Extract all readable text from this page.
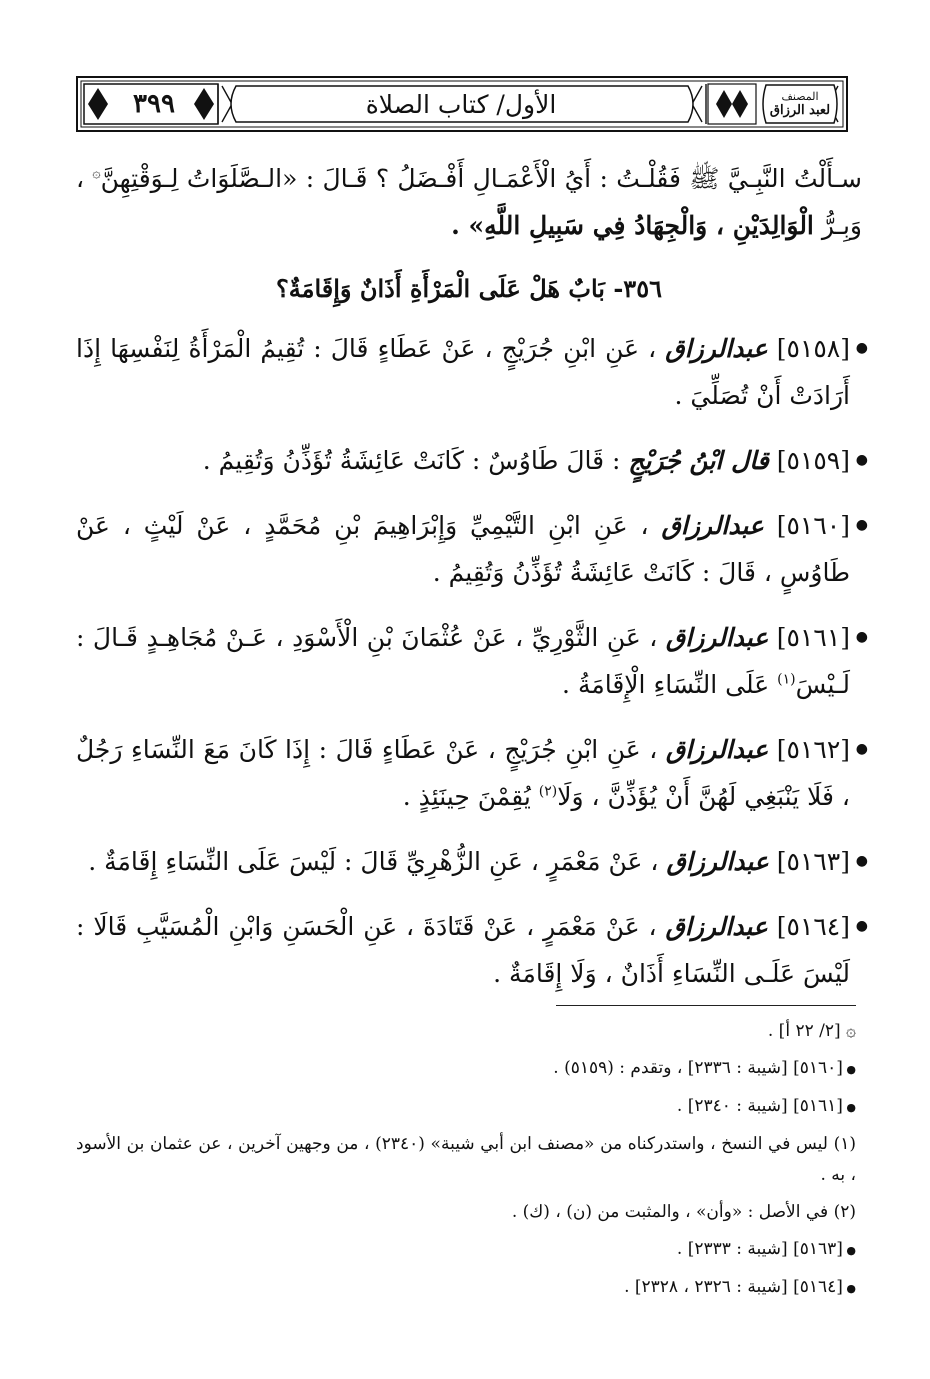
٣٩٩	الأول/ كتاب الصلاة	المصنف
لعبد الرزاق

سـأَلْتُ النَّبِـيَّ ﷺ فَقُلْـتُ : أَيُ الْأَعْمَـالِ أَفْـضَلُ ؟ قَـالَ : «الـصَّلَوَاتُ لِـوَقْتِهِنَّ۞ ، وَبِـرُّ الْوَالِدَيْنِ ، وَالْجِهَادُ فِي سَبِيلِ اللَّهِ» .

٣٥٦- بَابٌ هَلْ عَلَى الْمَرْأَةِ أَذَانٌ وَإِقَامَةٌ؟

●
[٥١٥٨] عبدالرزاق ، عَنِ ابْنِ جُرَيْجٍ ، عَنْ عَطَاءٍ قَالَ : تُقِيمُ الْمَرْأَةُ لِنَفْسِهَا إِذَا أَرَادَتْ أَنْ تُصَلِّيَ .

●
[٥١٥٩] قال ابْنُ جُرَيْجٍ : قَالَ طَاوُسٌ : كَانَتْ عَائِشَةُ تُؤَذِّنُ وَتُقِيمُ .

●
[٥١٦٠] عبدالرزاق ، عَنِ ابْنِ التَّيْمِيِّ وَإِبْرَاهِيمَ بْنِ مُحَمَّدٍ ، عَنْ لَيْثٍ ، عَنْ طَاوُسٍ ، قَالَ : كَانَتْ عَائِشَةُ تُؤَذِّنُ وَتُقِيمُ .

●
[٥١٦١] عبدالرزاق ، عَنِ الثَّوْرِيِّ ، عَنْ عُثْمَانَ بْنِ الْأَسْوَدِ ، عَـنْ مُجَاهِـدٍ قَـالَ : لَـيْسَ$^{(١)}$ عَلَى النِّسَاءِ الْإِقَامَةُ .

●
[٥١٦٢] عبدالرزاق ، عَنِ ابْنِ جُرَيْجٍ ، عَنْ عَطَاءٍ قَالَ : إِذَا كَانَ مَعَ النِّسَاءِ رَجُلٌ ، فَلَا يَنْبَغِي لَهُنَّ أَنْ يُؤَذِّنَّ ، وَلَا$^{(٢)}$ يُقِمْنَ حِينَئِذٍ .

●
[٥١٦٣] عبدالرزاق ، عَنْ مَعْمَرٍ ، عَنِ الزُّهْرِيِّ قَالَ : لَيْسَ عَلَى النِّسَاءِ إِقَامَةٌ .

●
[٥١٦٤] عبدالرزاق ، عَنْ مَعْمَرٍ ، عَنْ قَتَادَةَ ، عَنِ الْحَسَنِ وَابْنِ الْمُسَيَّبِ قَالَا : لَيْسَ عَلَـى النِّسَاءِ أَذَانٌ ، وَلَا إِقَامَةٌ .

۞ [٢/ ٢٢ أ] .
● [٥١٦٠] [شيبة : ٢٣٣٦] ، وتقدم : (٥١٥٩) .
● [٥١٦١] [شيبة : ٢٣٤٠] .
(١) ليس في النسخ ، واستدركناه من «مصنف ابن أبي شيبة» (٢٣٤٠) ، من وجهين آخرين ، عن عثمان بن الأسود ، به .
(٢) في الأصل : «وأن» ، والمثبت من (ن) ، (ك) .
● [٥١٦٣] [شيبة : ٢٣٣٣] .
● [٥١٦٤] [شيبة : ٢٣٢٦ ، ٢٣٢٨] .
